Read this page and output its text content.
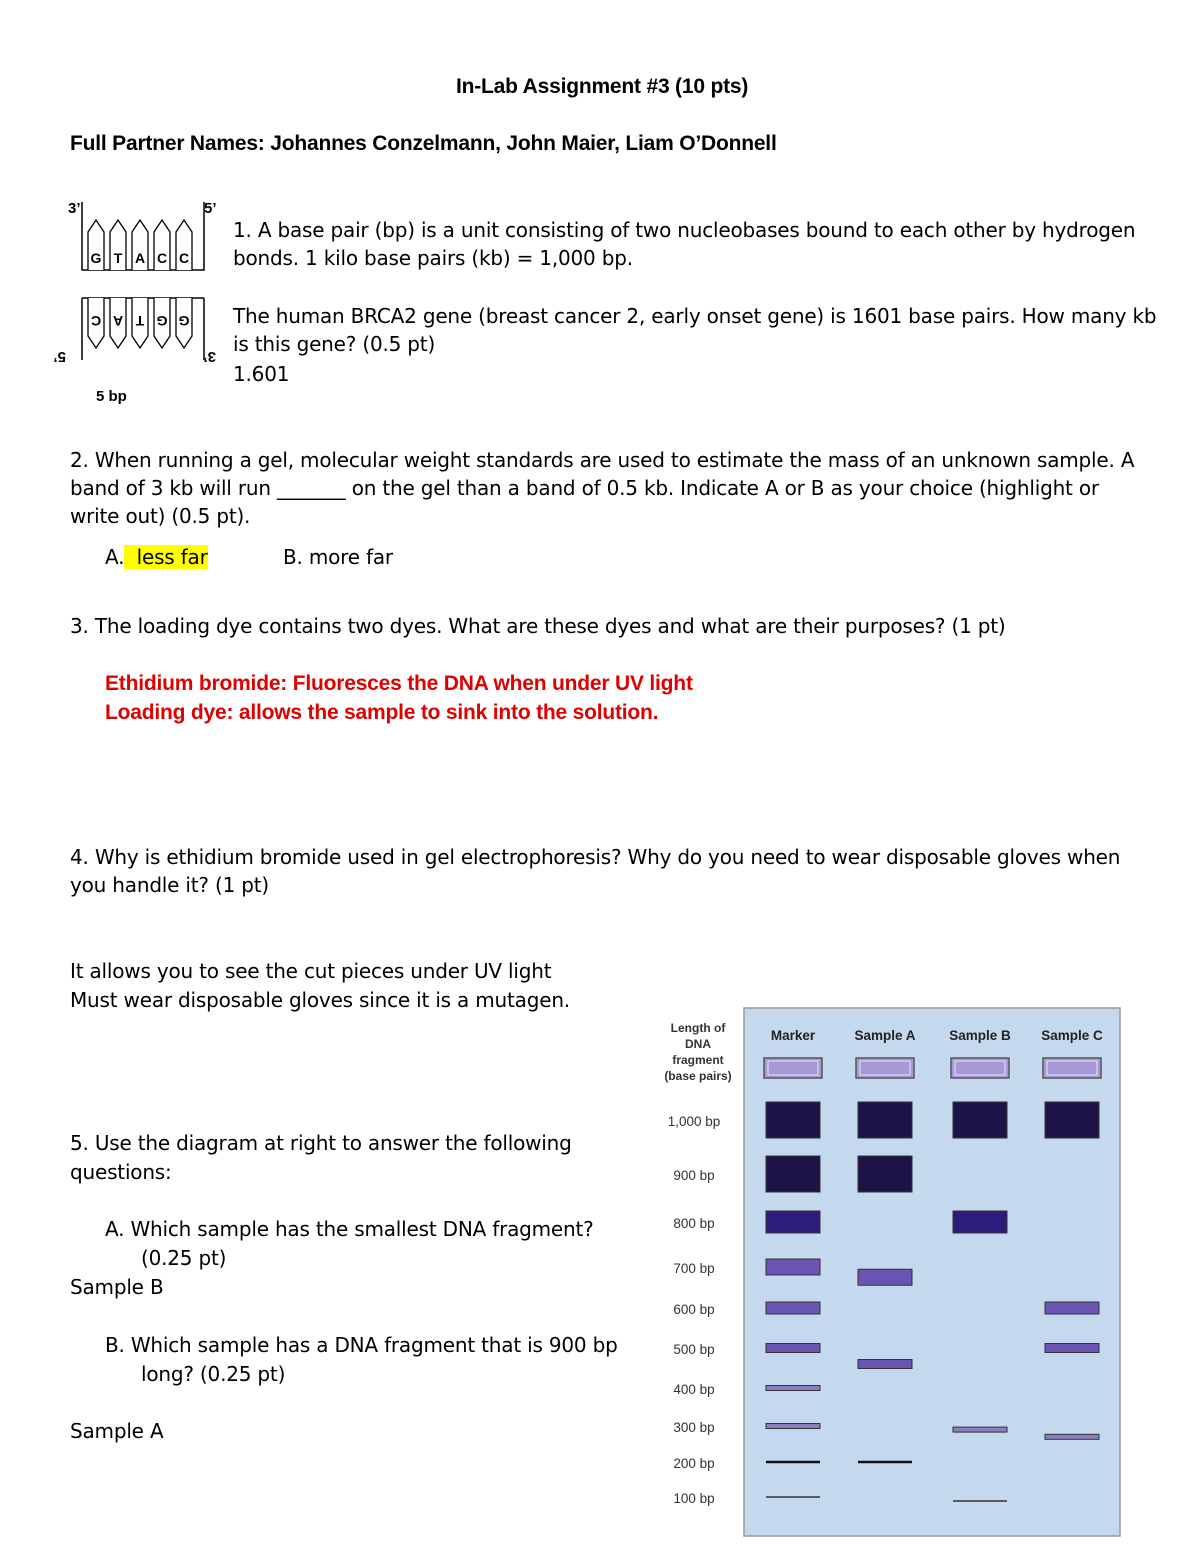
In-Lab Assignment #3 (10 pts)
Full Partner Names: Johannes Conzelmann, John Maier, Liam O’Donnell
3’	5’
G T A C C
C A T G G
5’	3’
5 bp
1. A base pair (bp) is a unit consisting of two nucleobases bound to each other by hydrogen
bonds. 1 kilo base pairs (kb) = 1,000 bp.
The human BRCA2 gene (breast cancer 2, early onset gene) is 1601 base pairs. How many kb
is this gene? (0.5 pt)
1.601
2. When running a gel, molecular weight standards are used to estimate the mass of an unknown sample. A
band of 3 kb will run _______ on the gel than a band of 0.5 kb. Indicate A or B as your choice (highlight or
write out) (0.5 pt).
A. less far	B. more far
3. The loading dye contains two dyes. What are these dyes and what are their purposes? (1 pt)
Ethidium bromide: Fluoresces the DNA when under UV light
Loading dye: allows the sample to sink into the solution.
4. Why is ethidium bromide used in gel electrophoresis? Why do you need to wear disposable gloves when
you handle it? (1 pt)
It allows you to see the cut pieces under UV light
Must wear disposable gloves since it is a mutagen.
5. Use the diagram at right to answer the following
questions:
A. Which sample has the smallest DNA fragment?
(0.25 pt)
Sample B
B. Which sample has a DNA fragment that is 900 bp
long? (0.25 pt)
Sample A
Length of
DNA
fragment
(base pairs)
Marker	Sample A Sample B Sample C
1,000 bp
900 bp
800 bp
700 bp
600 bp
500 bp
400 bp
300 bp
200 bp
100 bp
